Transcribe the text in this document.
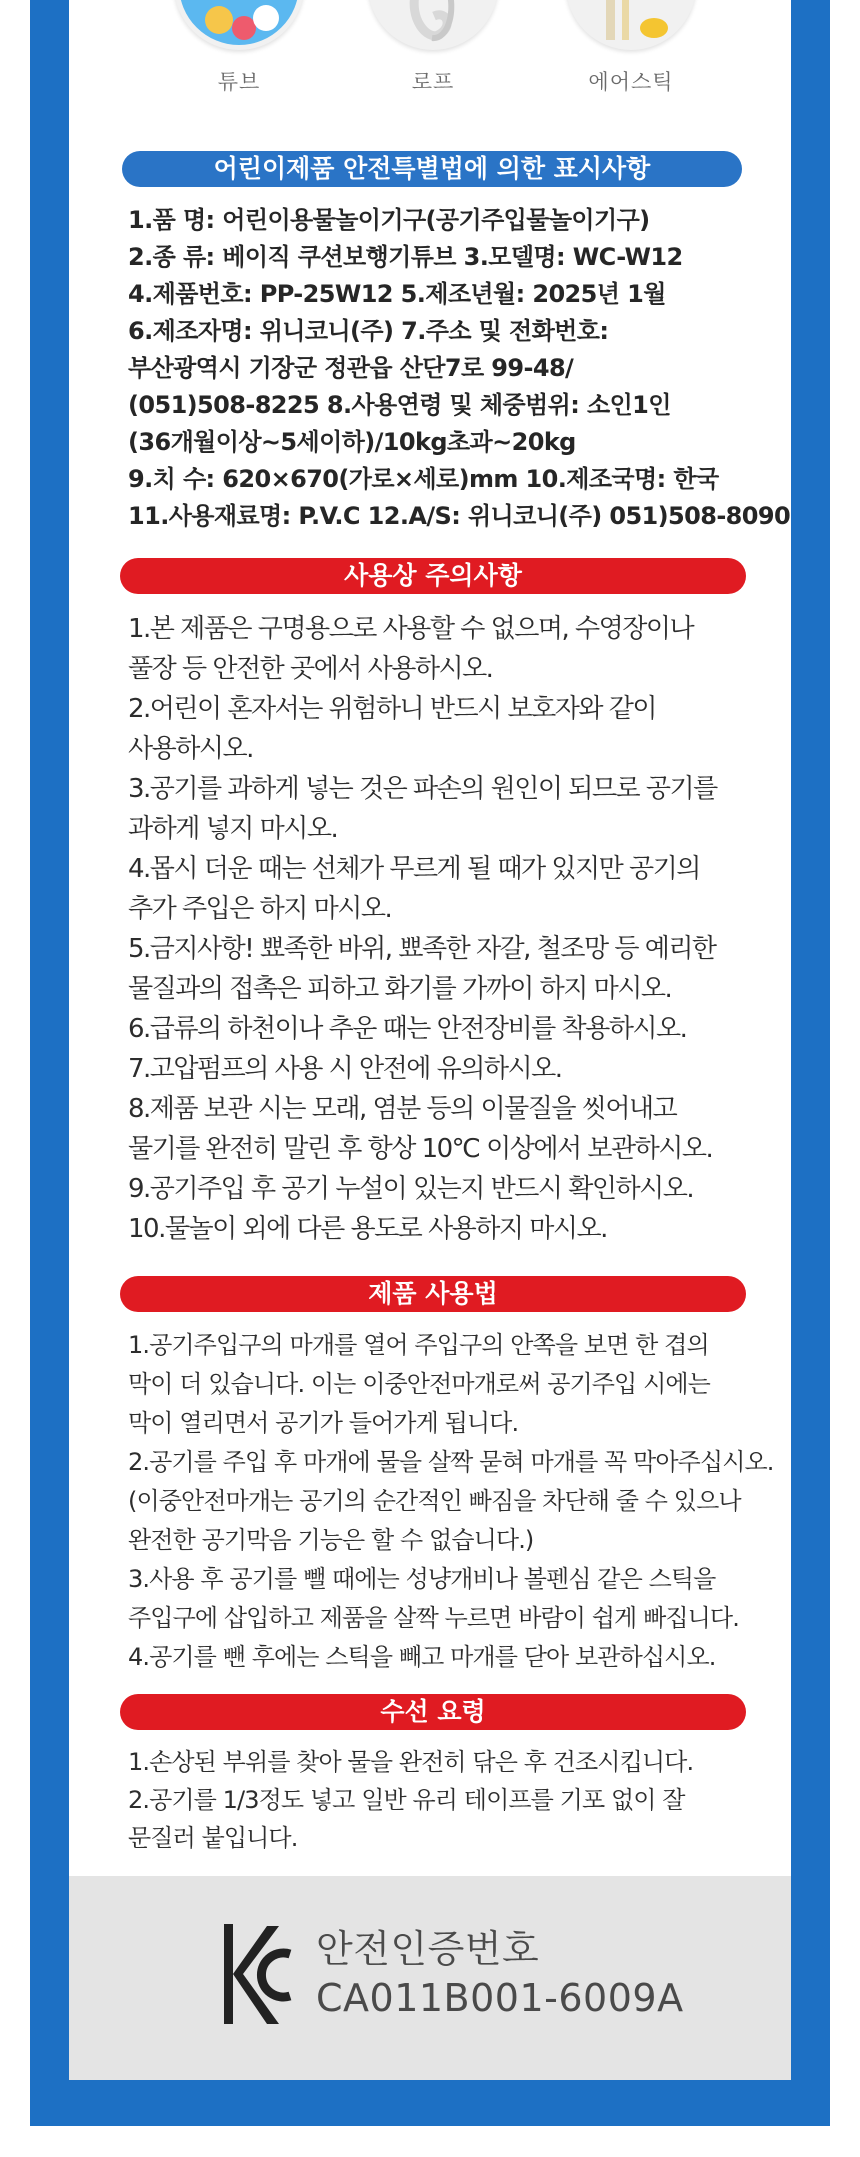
튜브	로프	에어스틱
어린이제품 안전특별법에 의한 표시사항
1.품 명: 어린이용물놀이기구(공기주입물놀이기구)
2.종 류: 베이직 쿠션보행기튜브 3.모델명: WC-W12
4.제품번호: PP-25W12 5.제조년월: 2025년 1월
6.제조자명: 위니코니(주) 7.주소 및 전화번호:
부산광역시 기장군 정관읍 산단7로 99-48/
(051)508-8225 8.사용연령 및 체중범위: 소인1인
(36개월이상~5세이하)/10kg초과~20kg
9.치 수: 620×670(가로×세로)mm 10.제조국명: 한국
11.사용재료명: P.V.C 12.A/S: 위니코니(주) 051)508-8090
사용상 주의사항
1.본 제품은 구명용으로 사용할 수 없으며, 수영장이나
풀장 등 안전한 곳에서 사용하시오.
2.어린이 혼자서는 위험하니 반드시 보호자와 같이
사용하시오.
3.공기를 과하게 넣는 것은 파손의 원인이 되므로 공기를
과하게 넣지 마시오.
4.몹시 더운 때는 선체가 무르게 될 때가 있지만 공기의
추가 주입은 하지 마시오.
5.금지사항! 뾰족한 바위, 뾰족한 자갈, 철조망 등 예리한
물질과의 접촉은 피하고 화기를 가까이 하지 마시오.
6.급류의 하천이나 추운 때는 안전장비를 착용하시오.
7.고압펌프의 사용 시 안전에 유의하시오.
8.제품 보관 시는 모래, 염분 등의 이물질을 씻어내고
물기를 완전히 말린 후 항상 10℃ 이상에서 보관하시오.
9.공기주입 후 공기 누설이 있는지 반드시 확인하시오.
10.물놀이 외에 다른 용도로 사용하지 마시오.
제품 사용법
1.공기주입구의 마개를 열어 주입구의 안쪽을 보면 한 겹의
막이 더 있습니다. 이는 이중안전마개로써 공기주입 시에는
막이 열리면서 공기가 들어가게 됩니다.
2.공기를 주입 후 마개에 물을 살짝 묻혀 마개를 꼭 막아주십시오.
(이중안전마개는 공기의 순간적인 빠짐을 차단해 줄 수 있으나
완전한 공기막음 기능은 할 수 없습니다.)
3.사용 후 공기를 뺄 때에는 성냥개비나 볼펜심 같은 스틱을
주입구에 삽입하고 제품을 살짝 누르면 바람이 쉽게 빠집니다.
4.공기를 뺀 후에는 스틱을 빼고 마개를 닫아 보관하십시오.
수선 요령
1.손상된 부위를 찾아 물을 완전히 닦은 후 건조시킵니다.
2.공기를 1/3정도 넣고 일반 유리 테이프를 기포 없이 잘
문질러 붙입니다.
안전인증번호
CA011B001-6009A
